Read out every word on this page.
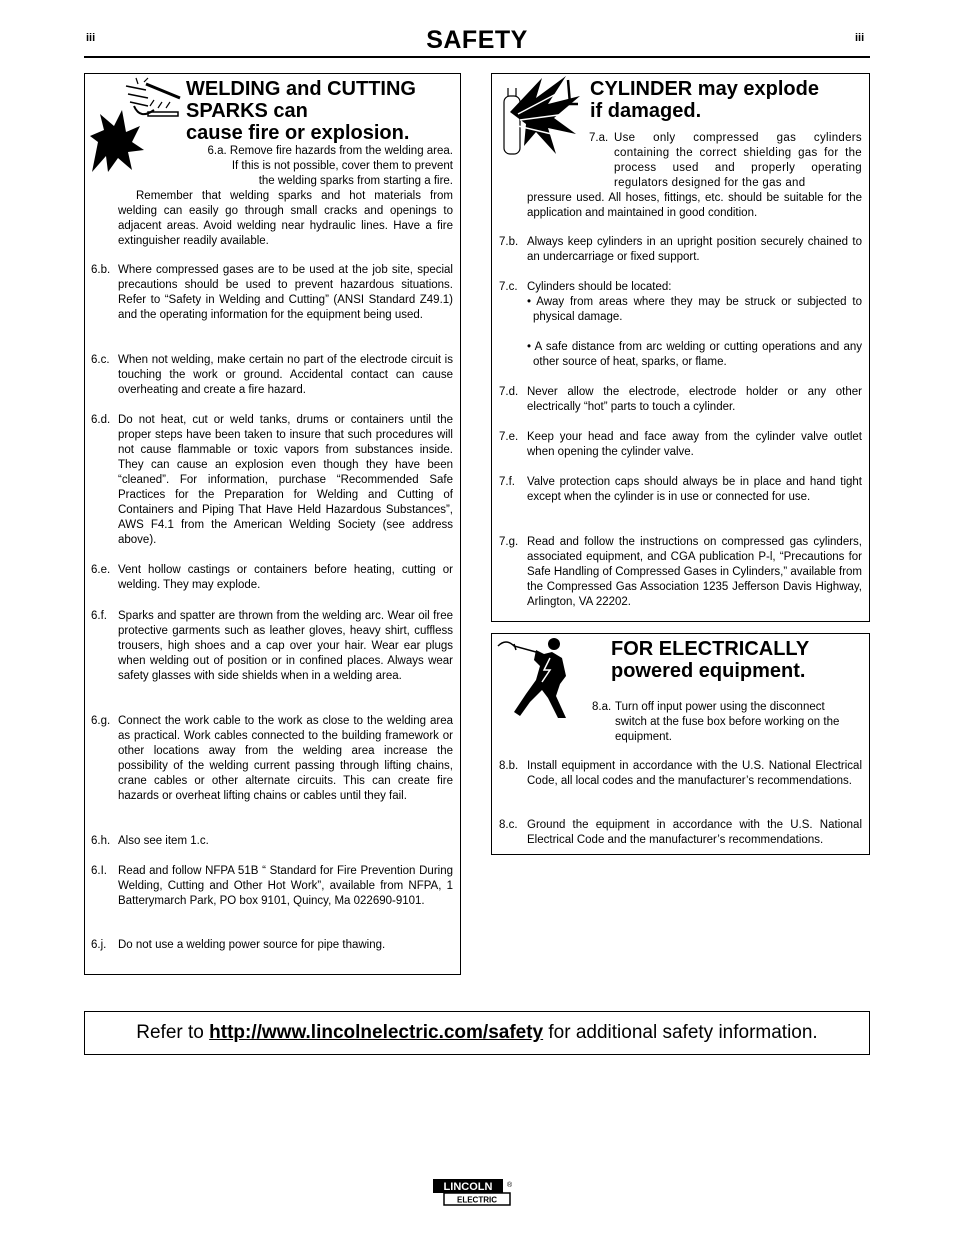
iii	iii
SAFETY
WELDING and CUTTING
SPARKS can
cause fire or explosion.
6.a. Remove fire hazards from the welding area.
If this is not possible, cover them to prevent
the welding sparks from starting a fire.
Remember that welding sparks and hot materials from welding can easily go through small cracks and openings to adjacent areas. Avoid welding near hydraulic lines. Have a fire extinguisher readily available.
6.b. Where compressed gases are to be used at the job site, special precautions should be used to prevent hazardous situations. Refer to “Safety in Welding and Cutting” (ANSI Standard Z49.1) and the operating information for the equipment being used.
6.c. When not welding, make certain no part of the electrode circuit is touching the work or ground. Accidental contact can cause overheating and create a fire hazard.
6.d. Do not heat, cut or weld tanks, drums or containers until the proper steps have been taken to insure that such procedures will not cause flammable or toxic vapors from substances inside. They can cause an explosion even though they have been “cleaned”. For information, purchase “Recommended Safe Practices for the Preparation for Welding and Cutting of Containers and Piping That Have Held Hazardous Substances”, AWS F4.1 from the American Welding Society (see address above).
6.e. Vent hollow castings or containers before heating, cutting or welding. They may explode.
6.f. Sparks and spatter are thrown from the welding arc. Wear oil free protective garments such as leather gloves, heavy shirt, cuffless trousers, high shoes and a cap over your hair. Wear ear plugs when welding out of position or in confined places. Always wear safety glasses with side shields when in a welding area.
6.g. Connect the work cable to the work as close to the welding area as practical. Work cables connected to the building framework or other locations away from the welding area increase the possibility of the welding current passing through lifting chains, crane cables or other alternate circuits. This can create fire hazards or overheat lifting chains or cables until they fail.
6.h. Also see item 1.c.
6.I. Read and follow NFPA 51B “ Standard for Fire Prevention During Welding, Cutting and Other Hot Work”, available from NFPA, 1 Batterymarch Park, PO box 9101, Quincy, Ma 022690-9101.
6.j.	Do not use a welding power source for pipe thawing.
CYLINDER may explode
if damaged.
7.a. Use only compressed gas cylinders containing the correct shielding gas for the process used and properly operating regulators designed for the gas and
pressure used. All hoses, fittings, etc. should be suitable for the application and maintained in good condition.
7.b. Always keep cylinders in an upright position securely chained to an undercarriage or fixed support.
7.c. Cylinders should be located:
• Away from areas where they may be struck or subjected to physical damage.
• A safe distance from arc welding or cutting operations and any other source of heat, sparks, or flame.
7.d. Never allow the electrode, electrode holder or any other electrically “hot” parts to touch a cylinder.
7.e. Keep your head and face away from the cylinder valve outlet when opening the cylinder valve.
7.f.	Valve protection caps should always be in place and hand tight except when the cylinder is in use or connected for use.
7.g. Read and follow the instructions on compressed gas cylinders, associated equipment, and CGA publication P-l, “Precautions for Safe Handling of Compressed Gases in Cylinders,” available from the Compressed Gas Association 1235 Jefferson Davis Highway, Arlington, VA 22202.
FOR ELECTRICALLY
powered equipment.
8.a. Turn off input power using the disconnect switch at the fuse box before working on the equipment.
8.b. Install equipment in accordance with the U.S. National Electrical Code, all local codes and the manufacturer’s recommendations.
8.c. Ground the equipment in accordance with the U.S. National Electrical Code and the manufacturer’s recommendations.
Refer to http://www.lincolnelectric.com/safety for additional safety information.
LINCOLN
ELECTRIC
®
